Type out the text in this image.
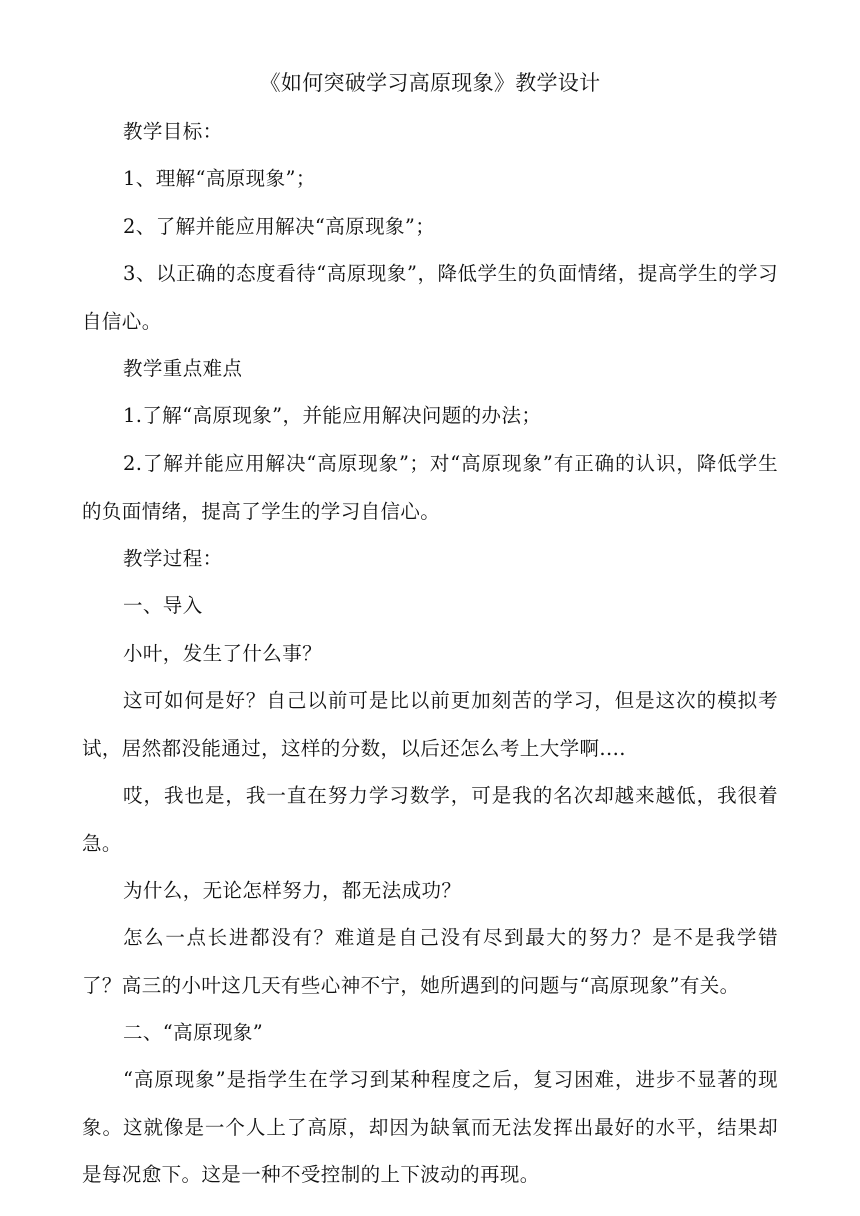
《如何突破学习高原现象》教学设计

教学目标：

1、理解“高原现象”；

2、了解并能应用解决“高原现象”；

3、以正确的态度看待“高原现象”，降低学生的负面情绪，提高学生的学习自信心。

教学重点难点

1.了解“高原现象”，并能应用解决问题的办法；

2.了解并能应用解决“高原现象”；对“高原现象”有正确的认识，降低学生的负面情绪，提高了学生的学习自信心。

教学过程：

一、导入

小叶，发生了什么事？

这可如何是好？自己以前可是比以前更加刻苦的学习，但是这次的模拟考试，居然都没能通过，这样的分数，以后还怎么考上大学啊....

哎，我也是，我一直在努力学习数学，可是我的名次却越来越低，我很着急。

为什么，无论怎样努力，都无法成功？

怎么一点长进都没有？难道是自己没有尽到最大的努力？是不是我学错了？高三的小叶这几天有些心神不宁，她所遇到的问题与“高原现象”有关。

二、“高原现象”

“高原现象”是指学生在学习到某种程度之后，复习困难，进步不显著的现象。这就像是一个人上了高原，却因为缺氧而无法发挥出最好的水平，结果却是每况愈下。这是一种不受控制的上下波动的再现。
